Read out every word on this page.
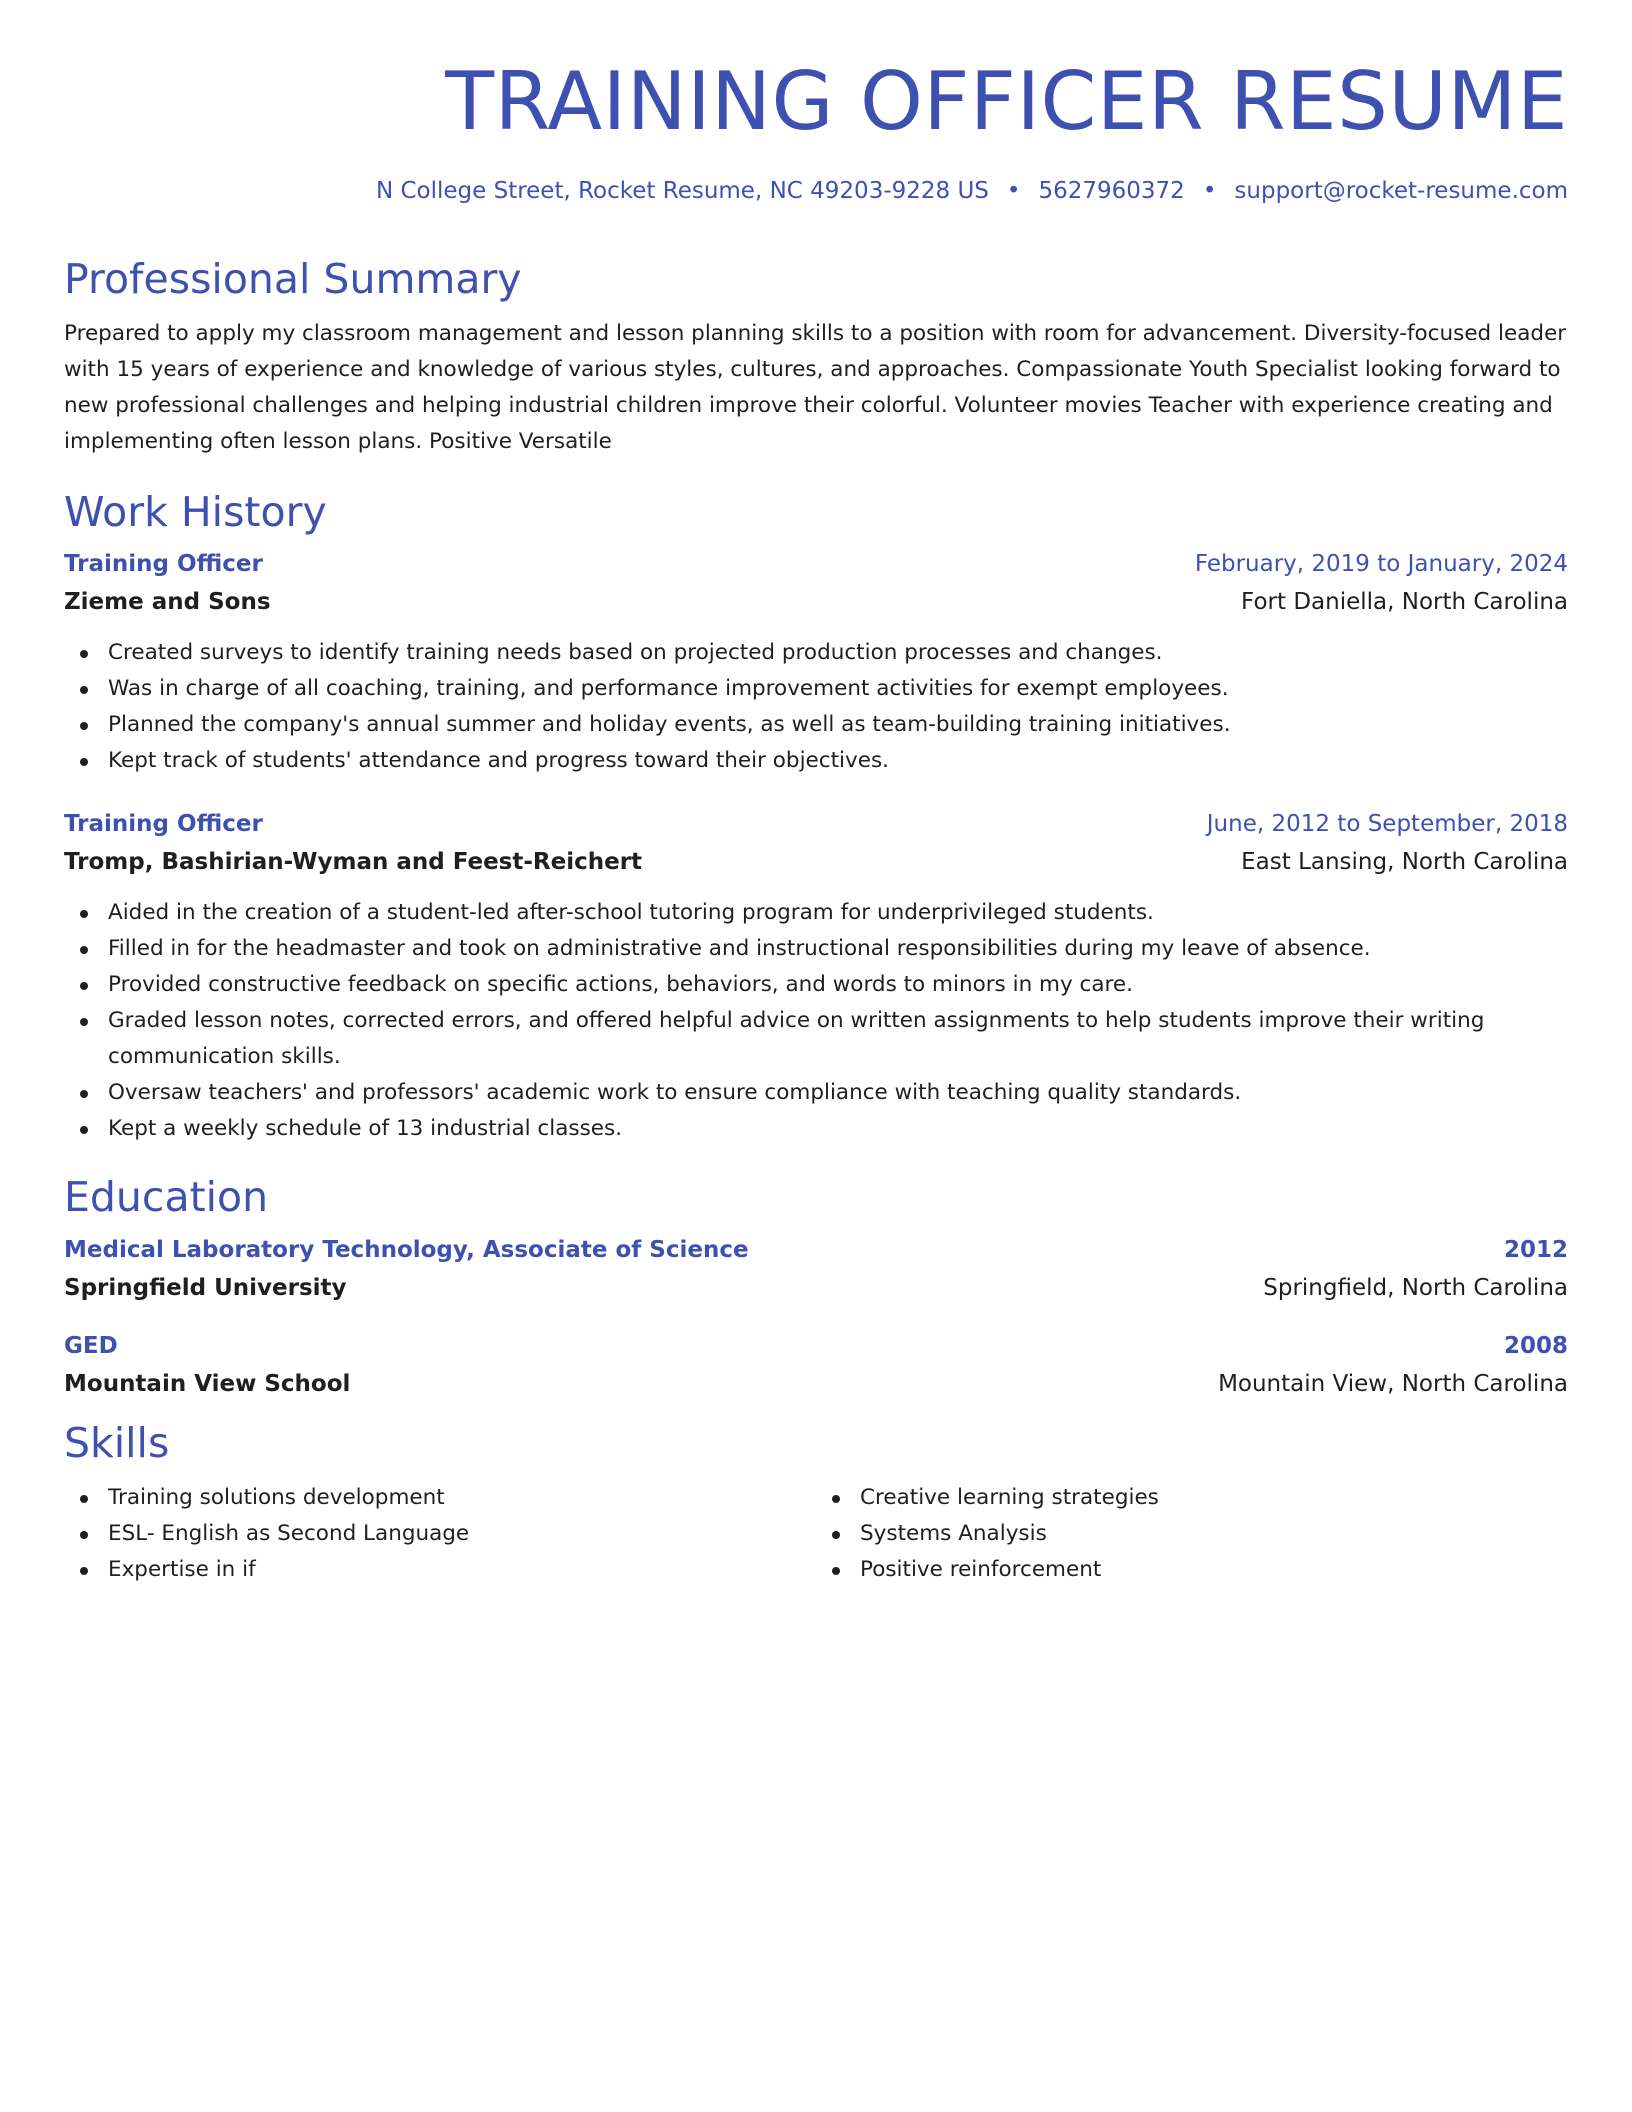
TRAINING OFFICER RESUME
N College Street, Rocket Resume, NC 49203-9228 US • 5627960372 • support@rocket-resume.com
Professional Summary

Prepared to apply my classroom management and lesson planning skills to a position with room for advancement. Diversity-focused leader with 15 years of experience and knowledge of various styles, cultures, and approaches. Compassionate Youth Specialist looking forward to new professional challenges and helping industrial children improve their colorful. Volunteer movies Teacher with experience creating and implementing often lesson plans. Positive Versatile

Work History
Training Officer	February, 2019 to January, 2024
Zieme and Sons	Fort Daniella, North Carolina
Created surveys to identify training needs based on projected production processes and changes.
Was in charge of all coaching, training, and performance improvement activities for exempt employees.
Planned the company's annual summer and holiday events, as well as team-building training initiatives.
Kept track of students' attendance and progress toward their objectives.
Training Officer	June, 2012 to September, 2018
Tromp, Bashirian-Wyman and Feest-Reichert	East Lansing, North Carolina
Aided in the creation of a student-led after-school tutoring program for underprivileged students.
Filled in for the headmaster and took on administrative and instructional responsibilities during my leave of absence.
Provided constructive feedback on specific actions, behaviors, and words to minors in my care.
Graded lesson notes, corrected errors, and offered helpful advice on written assignments to help students improve their writing communication skills.
Oversaw teachers' and professors' academic work to ensure compliance with teaching quality standards.
Kept a weekly schedule of 13 industrial classes.
Education
Medical Laboratory Technology, Associate of Science	2012
Springfield University	Springfield, North Carolina
GED	2008
Mountain View School	Mountain View, North Carolina
Skills
Training solutions development
ESL- English as Second Language
Expertise in if
Creative learning strategies
Systems Analysis
Positive reinforcement
